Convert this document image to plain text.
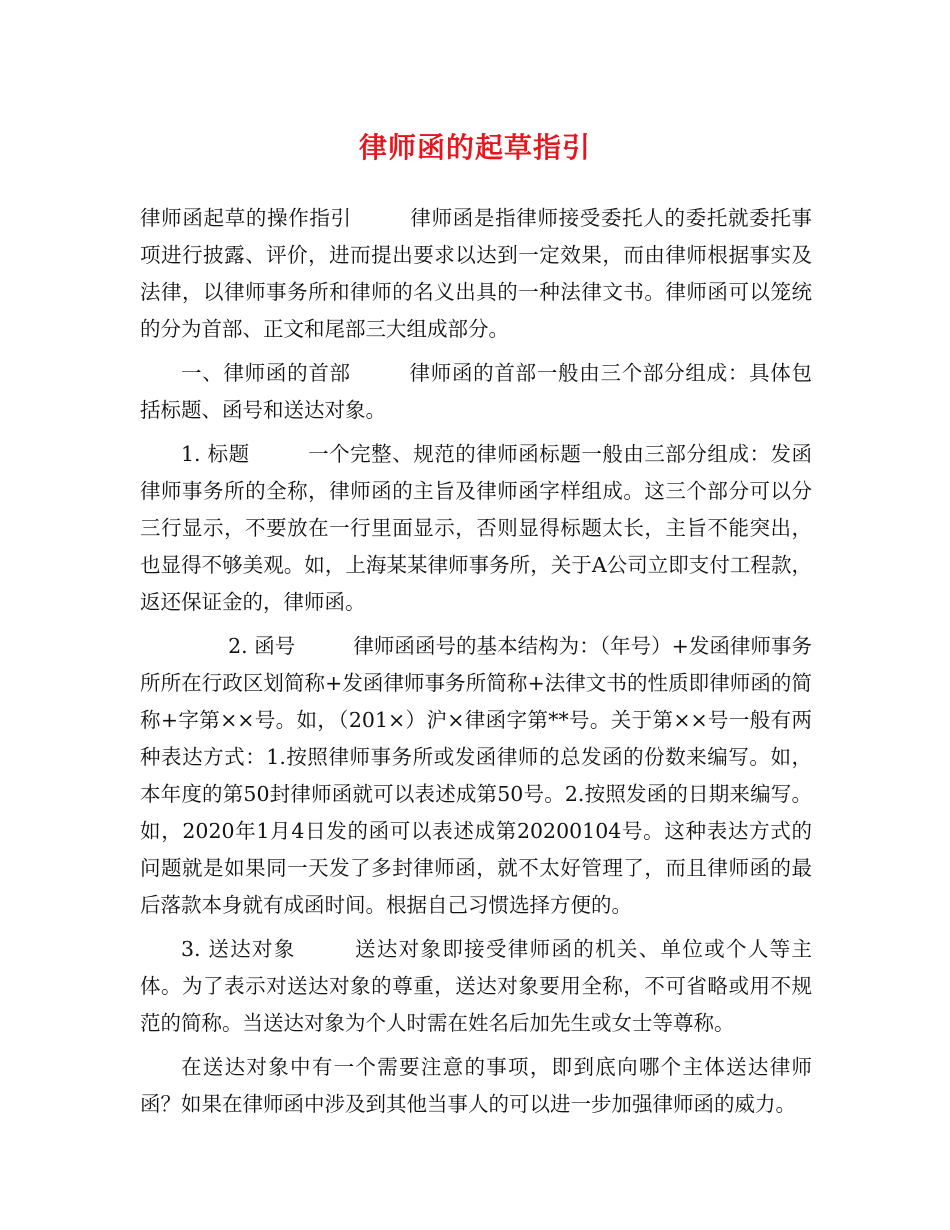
律师函的起草指引

律师函起草的操作指引	律师函是指律师接受委托人的委托就委托事项进行披露、评价，进而提出要求以达到一定效果，而由律师根据事实及法律，以律师事务所和律师的名义出具的一种法律文书。律师函可以笼统的分为首部、正文和尾部三大组成部分。

一、律师函的首部	律师函的首部一般由三个部分组成：具体包括标题、函号和送达对象。

1. 标题	一个完整、规范的律师函标题一般由三部分组成：发函律师事务所的全称，律师函的主旨及律师函字样组成。这三个部分可以分三行显示，不要放在一行里面显示，否则显得标题太长，主旨不能突出，也显得不够美观。如，上海某某律师事务所，关于A公司立即支付工程款，返还保证金的，律师函。

2. 函号	律师函函号的基本结构为：（年号）+发函律师事务所所在行政区划简称+发函律师事务所简称+法律文书的性质即律师函的简称+字第××号。如，（201×）沪×律函字第**号。关于第××号一般有两种表达方式：1.按照律师事务所或发函律师的总发函的份数来编写。如，本年度的第50封律师函就可以表述成第50号。2.按照发函的日期来编写。如，2020年1月4日发的函可以表述成第20200104号。这种表达方式的问题就是如果同一天发了多封律师函，就不太好管理了，而且律师函的最后落款本身就有成函时间。根据自己习惯选择方便的。

3. 送达对象	送达对象即接受律师函的机关、单位或个人等主体。为了表示对送达对象的尊重，送达对象要用全称，不可省略或用不规范的简称。当送达对象为个人时需在姓名后加先生或女士等尊称。

在送达对象中有一个需要注意的事项，即到底向哪个主体送达律师函？如果在律师函中涉及到其他当事人的可以进一步加强律师函的威力。
